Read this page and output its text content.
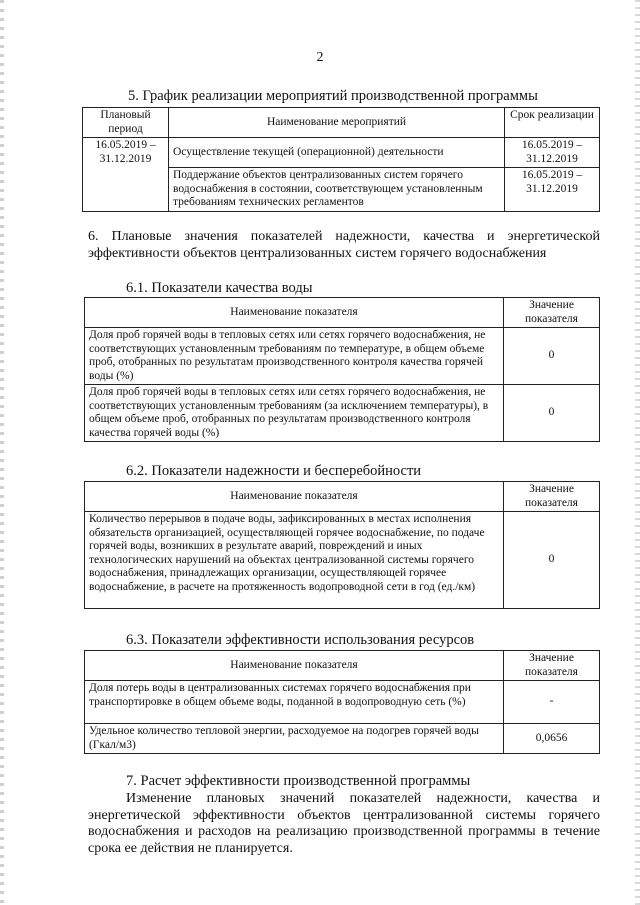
2
5. График реализации мероприятий производственной программы
Плановый период	Наименование мероприятий	Срок реализации
16.05.2019 – 31.12.2019	Осуществление текущей (операционной) деятельности	16.05.2019 – 31.12.2019
	Поддержание объектов централизованных систем горячего водоснабжения в состоянии, соответствующем установленным требованиям технических регламентов	16.05.2019 – 31.12.2019
6. Плановые значения показателей надежности, качества и энергетической эффективности объектов централизованных систем горячего водоснабжения
6.1. Показатели качества воды
Наименование показателя	Значение показателя
Доля проб горячей воды в тепловых сетях или сетях горячего водоснабжения, не соответствующих установленным требованиям по температуре, в общем объеме проб, отобранных по результатам производственного контроля качества горячей воды (%)	0
Доля проб горячей воды в тепловых сетях или сетях горячего водоснабжения, не соответствующих установленным требованиям (за исключением температуры), в общем объеме проб, отобранных по результатам производственного контроля качества горячей воды (%)	0
6.2. Показатели надежности и бесперебойности
Наименование показателя	Значение показателя
Количество перерывов в подаче воды, зафиксированных в местах исполнения обязательств организацией, осуществляющей горячее водоснабжение, по подаче горячей воды, возникших в результате аварий, повреждений и иных технологических нарушений на объектах централизованной системы горячего водоснабжения, принадлежащих организации, осуществляющей горячее водоснабжение, в расчете на протяженность водопроводной сети в год (ед./км)	0
6.3. Показатели эффективности использования ресурсов
Наименование показателя	Значение показателя
Доля потерь воды в централизованных системах горячего водоснабжения при транспортировке в общем объеме воды, поданной в водопроводную сеть (%)	-
Удельное количество тепловой энергии, расходуемое на подогрев горячей воды (Гкал/м3)	0,0656
7. Расчет эффективности производственной программы
Изменение плановых значений показателей надежности, качества и энергетической эффективности объектов централизованной системы горячего водоснабжения и расходов на реализацию производственной программы в течение срока ее действия не планируется.
